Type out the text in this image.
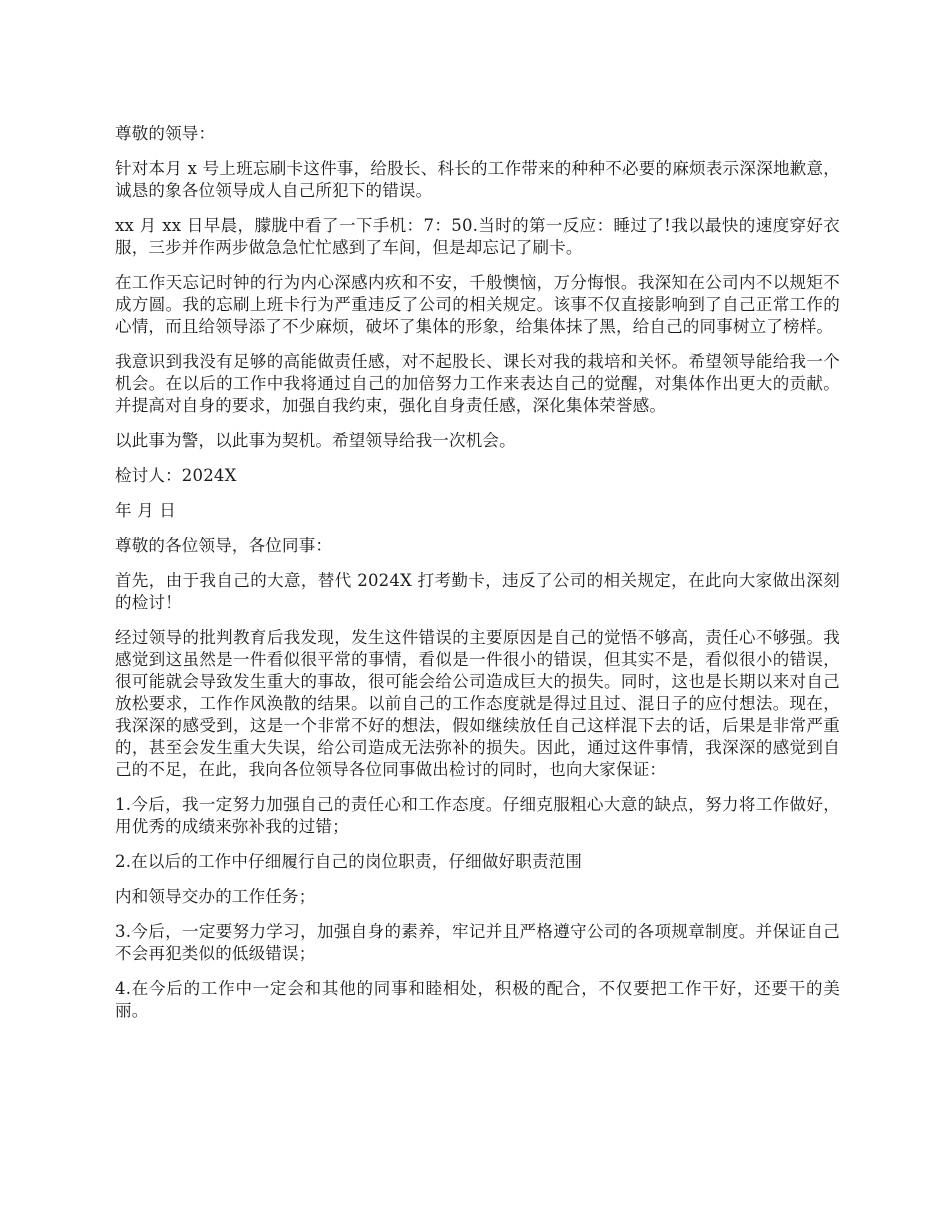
尊敬的领导：

针对本月 x 号上班忘刷卡这件事，给股长、科长的工作带来的种种不必要的麻烦表示深深地歉意，诚恳的象各位领导成人自己所犯下的错误。

xx 月 xx 日早晨，朦胧中看了一下手机：7：50.当时的第一反应：睡过了!我以最快的速度穿好衣服，三步并作两步做急急忙忙感到了车间，但是却忘记了刷卡。

在工作天忘记时钟的行为内心深感内疚和不安，千般懊恼，万分悔恨。我深知在公司内不以规矩不成方圆。我的忘刷上班卡行为严重违反了公司的相关规定。该事不仅直接影响到了自己正常工作的心情，而且给领导添了不少麻烦，破坏了集体的形象，给集体抹了黑，给自己的同事树立了榜样。

我意识到我没有足够的高能做责任感，对不起股长、课长对我的栽培和关怀。希望领导能给我一个机会。在以后的工作中我将通过自己的加倍努力工作来表达自己的觉醒，对集体作出更大的贡献。并提高对自身的要求，加强自我约束，强化自身责任感，深化集体荣誉感。

以此事为警，以此事为契机。希望领导给我一次机会。

检讨人：2024X

年 月 日

尊敬的各位领导，各位同事：

首先，由于我自己的大意，替代 2024X 打考勤卡，违反了公司的相关规定，在此向大家做出深刻的检讨！

经过领导的批判教育后我发现，发生这件错误的主要原因是自己的觉悟不够高，责任心不够强。我感觉到这虽然是一件看似很平常的事情，看似是一件很小的错误，但其实不是，看似很小的错误，很可能就会导致发生重大的事故，很可能会给公司造成巨大的损失。同时，这也是长期以来对自己放松要求，工作作风涣散的结果。以前自己的工作态度就是得过且过、混日子的应付想法。现在，我深深的感受到，这是一个非常不好的想法，假如继续放任自己这样混下去的话，后果是非常严重的，甚至会发生重大失误，给公司造成无法弥补的损失。因此，通过这件事情，我深深的感觉到自己的不足，在此，我向各位领导各位同事做出检讨的同时，也向大家保证：

1.今后，我一定努力加强自己的责任心和工作态度。仔细克服粗心大意的缺点，努力将工作做好，用优秀的成绩来弥补我的过错；

2.在以后的工作中仔细履行自己的岗位职责，仔细做好职责范围

内和领导交办的工作任务；

3.今后，一定要努力学习，加强自身的素养，牢记并且严格遵守公司的各项规章制度。并保证自己不会再犯类似的低级错误；

4.在今后的工作中一定会和其他的同事和睦相处，积极的配合，不仅要把工作干好，还要干的美丽。
